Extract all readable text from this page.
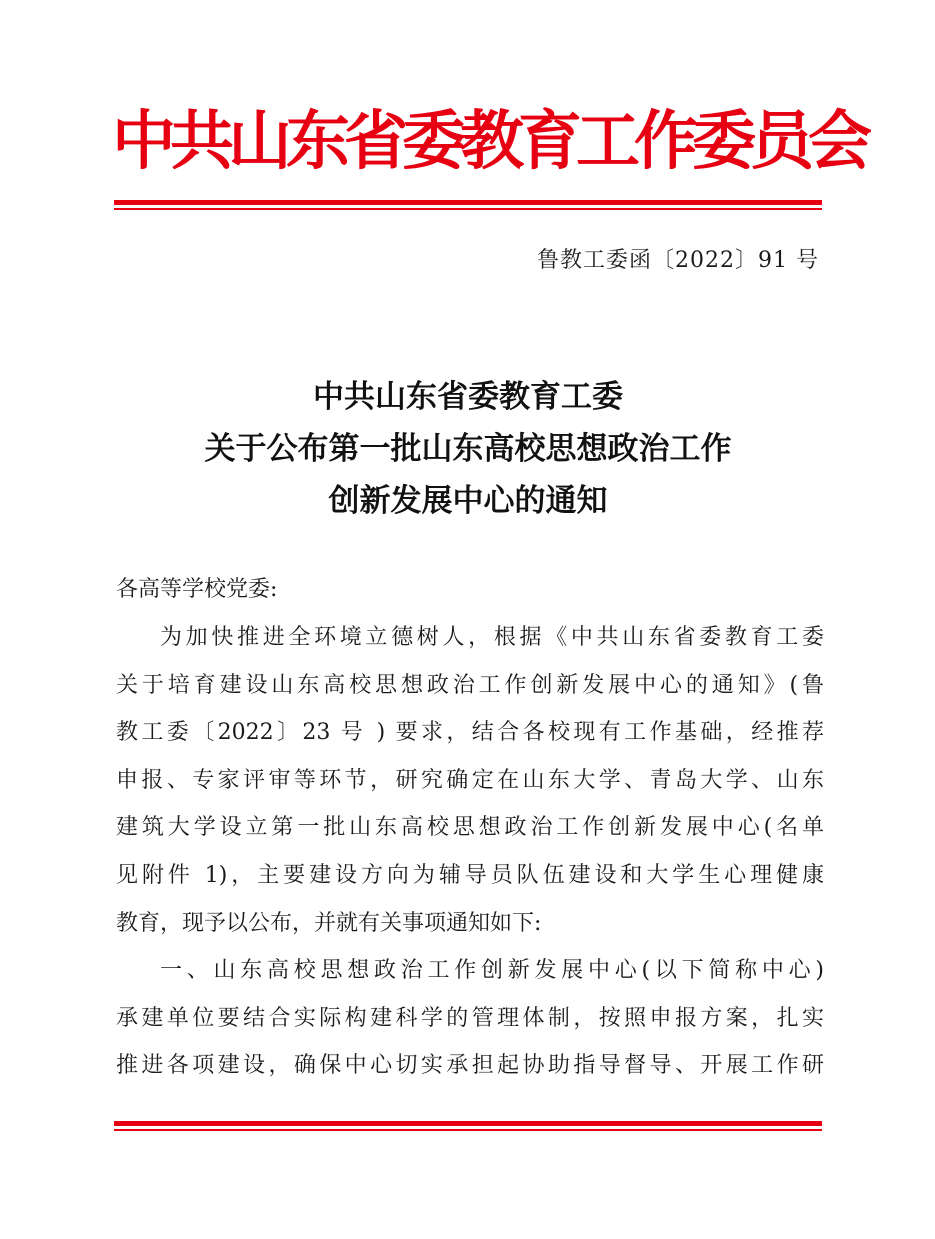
中共山东省委教育工作委员会
鲁教工委函〔2022〕91 号
中共山东省委教育工委
关于公布第一批山东高校思想政治工作
创新发展中心的通知
各高等学校党委:
为加快推进全环境立德树人，根据《中共山东省委教育工委
关于培育建设山东高校思想政治工作创新发展中心的通知》(鲁
教工委〔2022〕23 号 ) 要求，结合各校现有工作基础，经推荐
申报、专家评审等环节，研究确定在山东大学、青岛大学、山东
建筑大学设立第一批山东高校思想政治工作创新发展中心(名单
见附件 1)，主要建设方向为辅导员队伍建设和大学生心理健康
教育，现予以公布，并就有关事项通知如下:
一、山东高校思想政治工作创新发展中心(以下简称中心)
承建单位要结合实际构建科学的管理体制，按照申报方案，扎实
推进各项建设，确保中心切实承担起协助指导督导、开展工作研
